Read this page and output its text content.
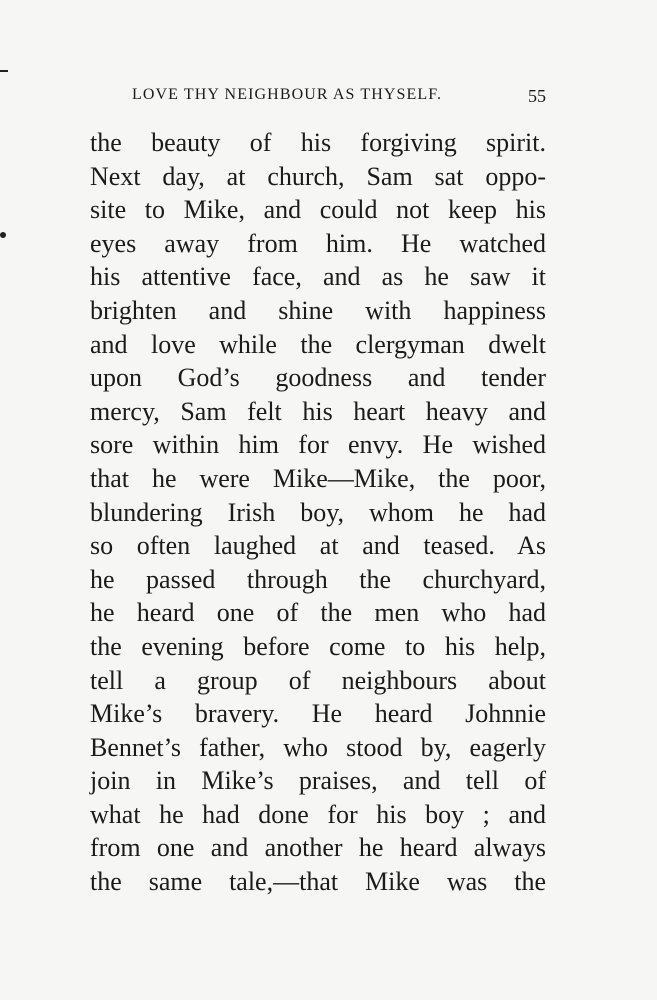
LOVE THY NEIGHBOUR AS THYSELF.	55
the beauty of his forgiving spirit.
Next day, at church, Sam sat oppo-
site to Mike, and could not keep his
eyes away from him. He watched
his attentive face, and as he saw it
brighten and shine with happiness
and love while the clergyman dwelt
upon God’s goodness and tender
mercy, Sam felt his heart heavy and
sore within him for envy. He wished
that he were Mike—Mike, the poor,
blundering Irish boy, whom he had
so often laughed at and teased. As
he passed through the churchyard,
he heard one of the men who had
the evening before come to his help,
tell a group of neighbours about
Mike’s bravery. He heard Johnnie
Bennet’s father, who stood by, eagerly
join in Mike’s praises, and tell of
what he had done for his boy ; and
from one and another he heard always
the same tale,—that Mike was the
